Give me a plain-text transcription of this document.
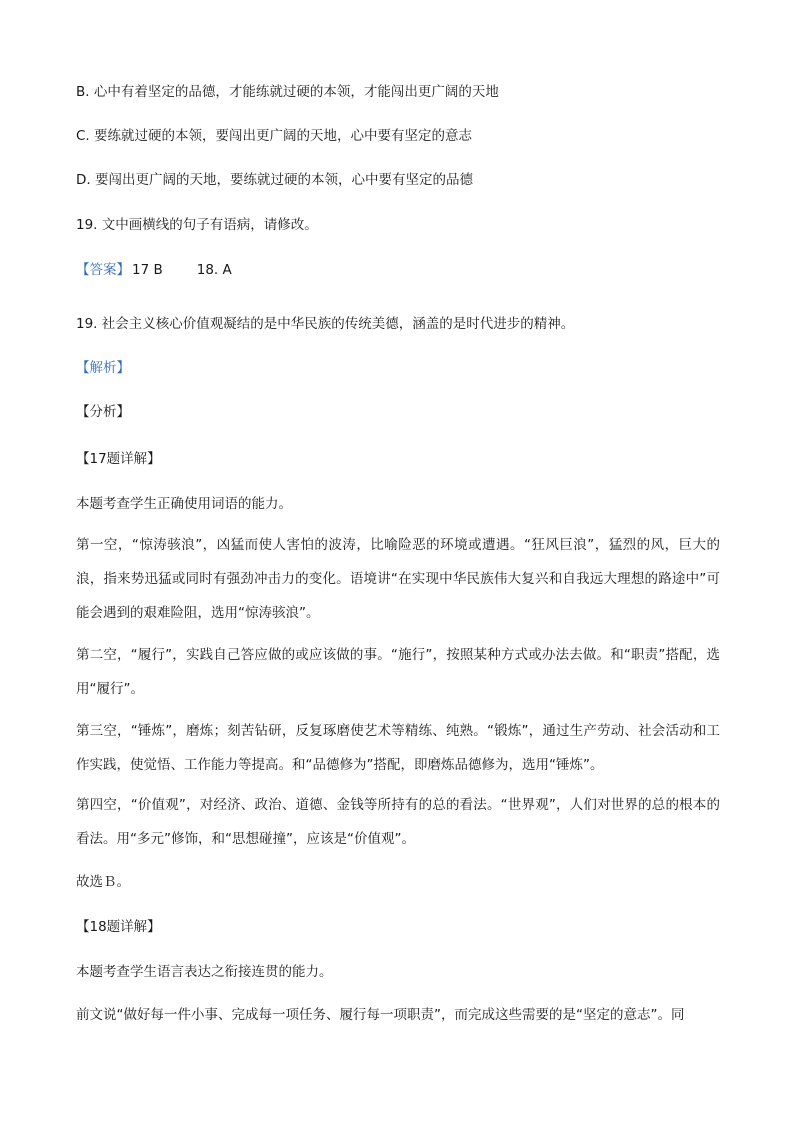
B. 心中有着坚定的品德，才能练就过硬的本领，才能闯出更广阔的天地
C. 要练就过硬的本领，要闯出更广阔的天地，心中要有坚定的意志
D. 要闯出更广阔的天地，要练就过硬的本领，心中要有坚定的品德
19. 文中画横线的句子有语病，请修改。
【答案】 17 B	18. A
19. 社会主义核心价值观凝结的是中华民族的传统美德，涵盖的是时代进步的精神。
【解析】
【分析】
【17题详解】
本题考查学生正确使用词语的能力。
第一空，“惊涛骇浪”，凶猛而使人害怕的波涛，比喻险恶的环境或遭遇。“狂风巨浪”，猛烈的风，巨大的浪，指来势迅猛或同时有强劲冲击力的变化。语境讲“在实现中华民族伟大复兴和自我远大理想的路途中”可能会遇到的艰难险阻，选用“惊涛骇浪”。
第二空，“履行”，实践自己答应做的或应该做的事。“施行”，按照某种方式或办法去做。和“职责”搭配，选用“履行”。
第三空，“锤炼”，磨炼；刻苦钻研，反复琢磨使艺术等精练、纯熟。“锻炼”，通过生产劳动、社会活动和工作实践，使觉悟、工作能力等提高。和“品德修为”搭配，即磨炼品德修为，选用“锤炼”。
第四空，“价值观”，对经济、政治、道德、金钱等所持有的总的看法。“世界观”，人们对世界的总的根本的看法。用“多元”修饰，和“思想碰撞”，应该是“价值观”。
故选Ｂ。
【18题详解】
本题考查学生语言表达之衔接连贯的能力。
前文说“做好每一件小事、完成每一项任务、履行每一项职责”，而完成这些需要的是“坚定的意志”。同
